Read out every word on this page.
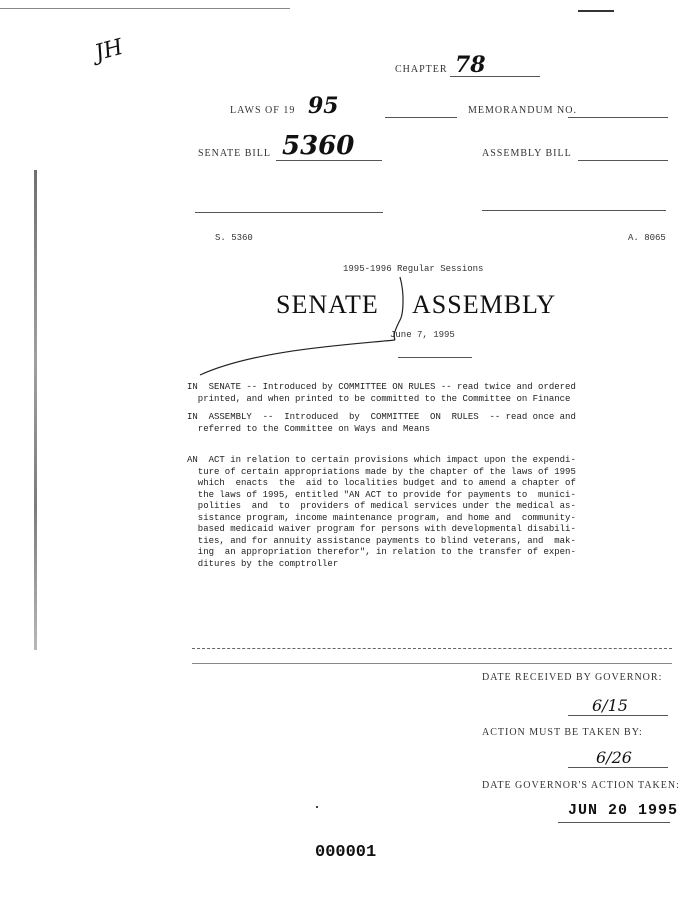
JH
CHAPTER 78
LAWS OF 19 95	MEMORANDUM NO.
SENATE BILL 5360	ASSEMBLY BILL
S. 5360	A. 8065
1995-1996 Regular Sessions
SENATE ASSEMBLY
June 7, 1995
IN  SENATE -- Introduced by COMMITTEE ON RULES -- read twice and ordered
printed, and when printed to be committed to the Committee on Finance
IN  ASSEMBLY  --  Introduced  by  COMMITTEE  ON  RULES  -- read once and
referred to the Committee on Ways and Means
AN  ACT in relation to certain provisions which impact upon the expendi-
ture of certain appropriations made by the chapter of the laws of 1995
which  enacts  the  aid to localities budget and to amend a chapter of
the laws of 1995, entitled "AN ACT to provide for payments to  munici-
polities  and  to  providers of medical services under the medical as-
sistance program, income maintenance program, and home and  community-
based medicaid waiver program for persons with developmental disabili-
ties, and for annuity assistance payments to blind veterans, and  mak-
ing  an appropriation therefor", in relation to the transfer of expen-
ditures by the comptroller
DATE RECEIVED BY GOVERNOR:
6/15
ACTION MUST BE TAKEN BY:
6/26
DATE GOVERNOR'S ACTION TAKEN:
JUN 20 1995
000001
